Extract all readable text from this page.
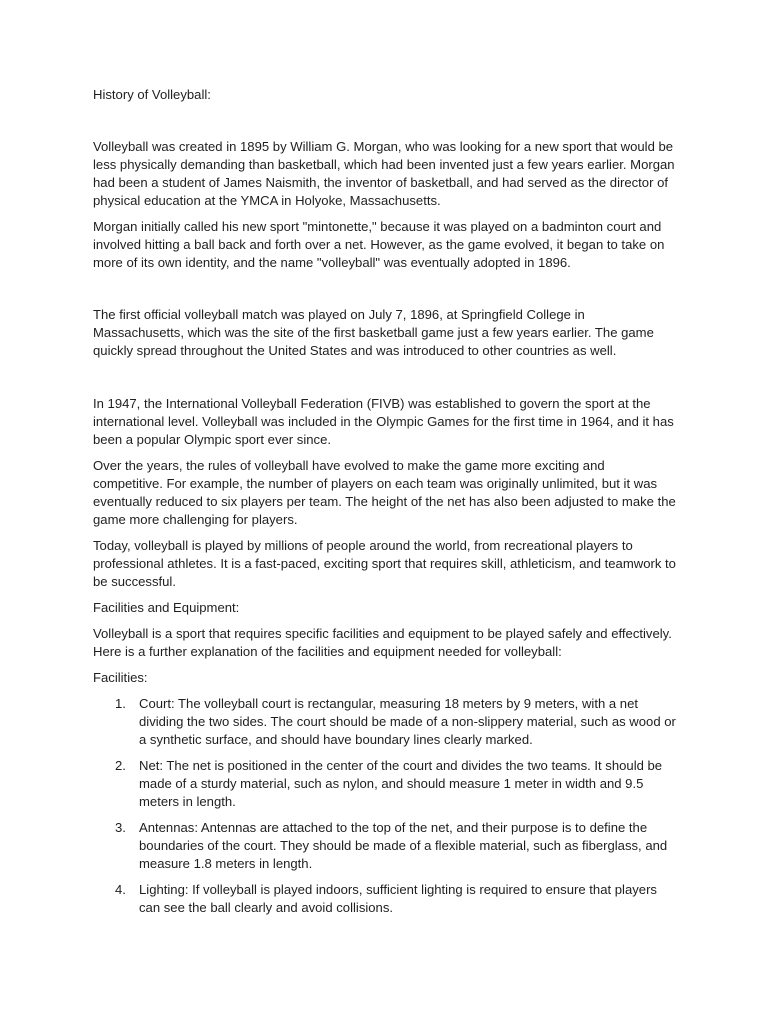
History of Volleyball:

Volleyball was created in 1895 by William G. Morgan, who was looking for a new sport that would be less physically demanding than basketball, which had been invented just a few years earlier. Morgan had been a student of James Naismith, the inventor of basketball, and had served as the director of physical education at the YMCA in Holyoke, Massachusetts.

Morgan initially called his new sport "mintonette," because it was played on a badminton court and involved hitting a ball back and forth over a net. However, as the game evolved, it began to take on more of its own identity, and the name "volleyball" was eventually adopted in 1896.

The first official volleyball match was played on July 7, 1896, at Springfield College in Massachusetts, which was the site of the first basketball game just a few years earlier. The game quickly spread throughout the United States and was introduced to other countries as well.

In 1947, the International Volleyball Federation (FIVB) was established to govern the sport at the international level. Volleyball was included in the Olympic Games for the first time in 1964, and it has been a popular Olympic sport ever since.

Over the years, the rules of volleyball have evolved to make the game more exciting and competitive. For example, the number of players on each team was originally unlimited, but it was eventually reduced to six players per team. The height of the net has also been adjusted to make the game more challenging for players.

Today, volleyball is played by millions of people around the world, from recreational players to professional athletes. It is a fast-paced, exciting sport that requires skill, athleticism, and teamwork to be successful.

Facilities and Equipment:

Volleyball is a sport that requires specific facilities and equipment to be played safely and effectively. Here is a further explanation of the facilities and equipment needed for volleyball:

Facilities:

1. Court: The volleyball court is rectangular, measuring 18 meters by 9 meters, with a net dividing the two sides. The court should be made of a non-slippery material, such as wood or a synthetic surface, and should have boundary lines clearly marked.
2. Net: The net is positioned in the center of the court and divides the two teams. It should be made of a sturdy material, such as nylon, and should measure 1 meter in width and 9.5 meters in length.
3. Antennas: Antennas are attached to the top of the net, and their purpose is to define the boundaries of the court. They should be made of a flexible material, such as fiberglass, and measure 1.8 meters in length.
4. Lighting: If volleyball is played indoors, sufficient lighting is required to ensure that players can see the ball clearly and avoid collisions.
